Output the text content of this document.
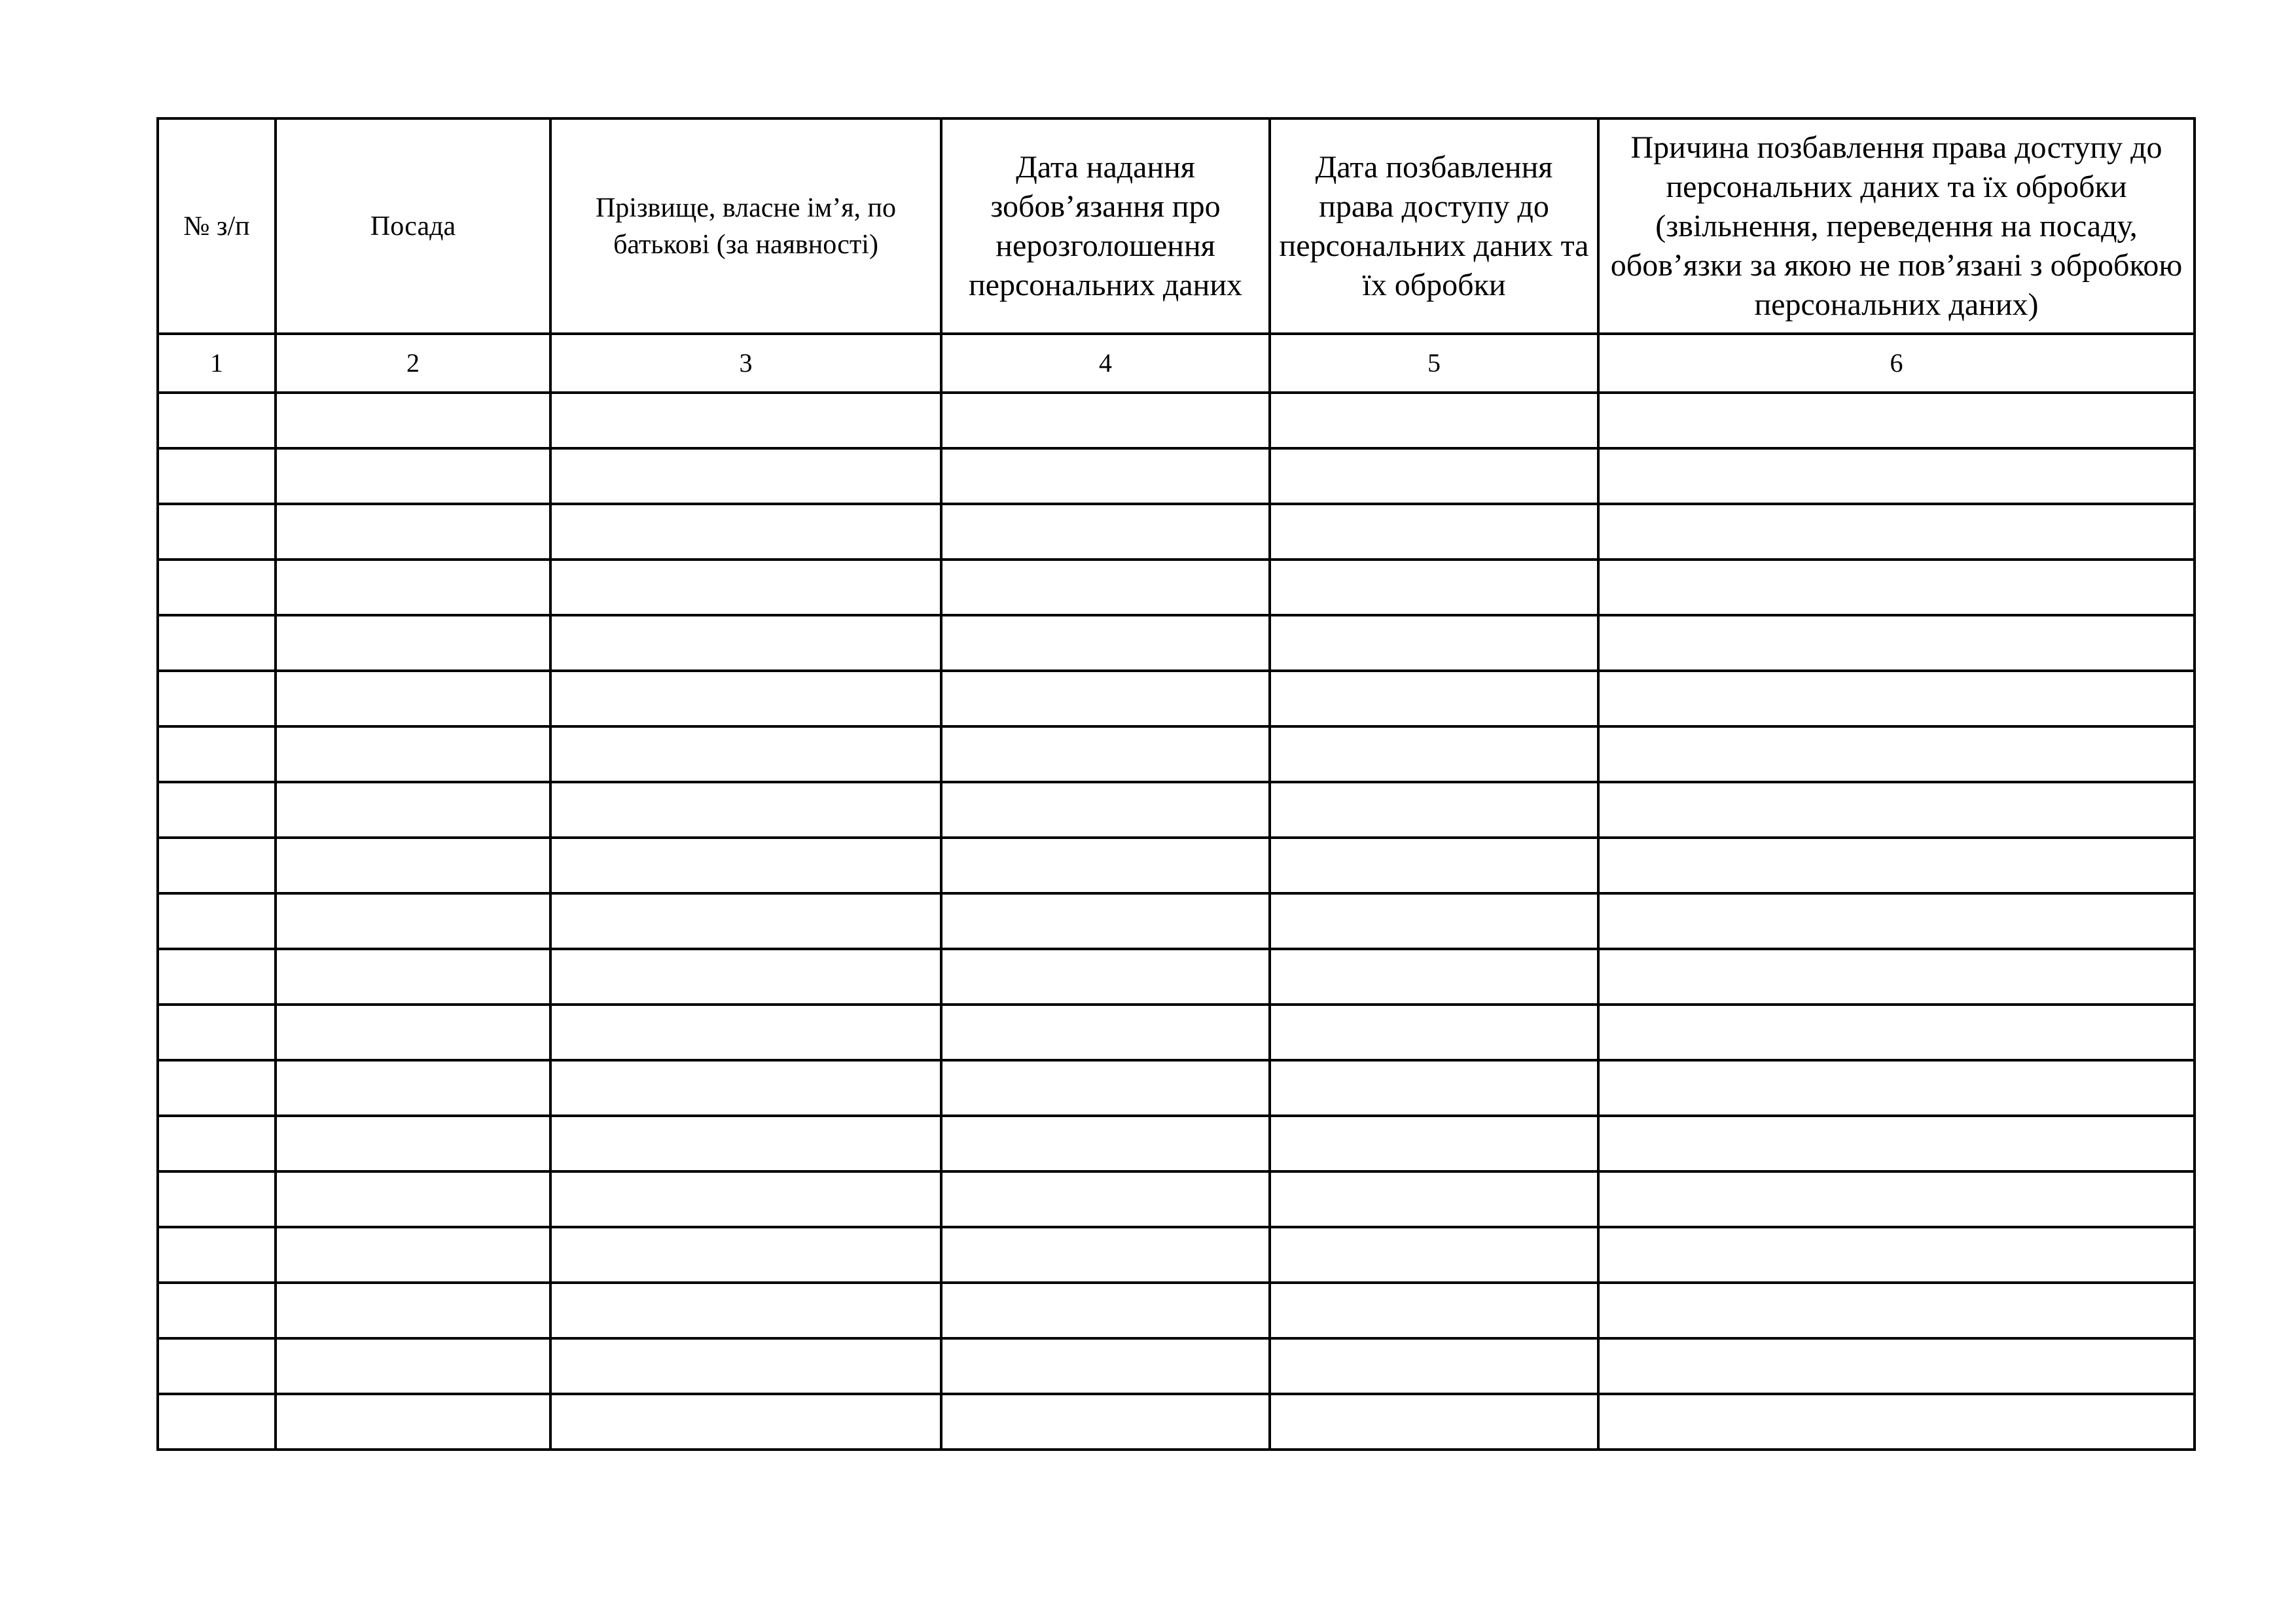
№ з/п	Посада	Прізвище, власне ім’я, по батькові (за наявності)	Дата надання зобов’язання про нерозголошення персональних даних	Дата позбавлення права доступу до персональних даних та їх обробки	Причина позбавлення права доступу до персональних даних та їх обробки (звільнення, переведення на посаду, обов’язки за якою не пов’язані з обробкою персональних даних)
1	2	3	4	5	6
